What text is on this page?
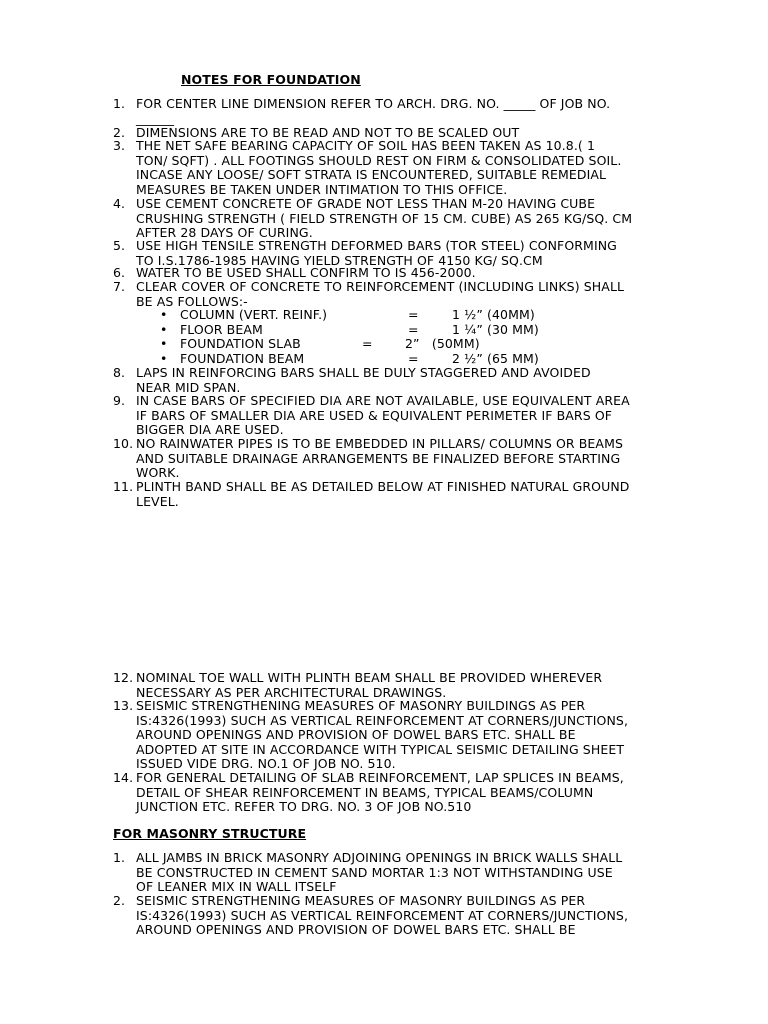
NOTES FOR FOUNDATION
1. FOR CENTER LINE DIMENSION REFER TO ARCH. DRG. NO. _____ OF JOB NO.
______
2. DIMENSIONS ARE TO BE READ AND NOT TO BE SCALED OUT
3. THE NET SAFE BEARING CAPACITY OF SOIL HAS BEEN TAKEN AS 10.8.( 1
TON/ SQFT) . ALL FOOTINGS SHOULD REST ON FIRM & CONSOLIDATED SOIL.
INCASE ANY LOOSE/ SOFT STRATA IS ENCOUNTERED, SUITABLE REMEDIAL
MEASURES BE TAKEN UNDER INTIMATION TO THIS OFFICE.
4. USE CEMENT CONCRETE OF GRADE NOT LESS THAN M-20 HAVING CUBE
CRUSHING STRENGTH ( FIELD STRENGTH OF 15 CM. CUBE) AS 265 KG/SQ. CM
AFTER 28 DAYS OF CURING.
5. USE HIGH TENSILE STRENGTH DEFORMED BARS (TOR STEEL) CONFORMING
TO I.S.1786-1985 HAVING YIELD STRENGTH OF 4150 KG/ SQ.CM
6. WATER TO BE USED SHALL CONFIRM TO IS 456-2000.
7. CLEAR COVER OF CONCRETE TO REINFORCEMENT (INCLUDING LINKS) SHALL
BE AS FOLLOWS:-
• COLUMN (VERT. REINF.)	=	1 ½” (40MM)
• FLOOR BEAM	=	1 ¼” (30 MM)
• FOUNDATION SLAB	=	2”   (50MM)
• FOUNDATION BEAM	=	2 ½” (65 MM)
8. LAPS IN REINFORCING BARS SHALL BE DULY STAGGERED AND AVOIDED
NEAR MID SPAN.
9. IN CASE BARS OF SPECIFIED DIA ARE NOT AVAILABLE, USE EQUIVALENT AREA
IF BARS OF SMALLER DIA ARE USED & EQUIVALENT PERIMETER IF BARS OF
BIGGER DIA ARE USED.
10. NO RAINWATER PIPES IS TO BE EMBEDDED IN PILLARS/ COLUMNS OR BEAMS
AND SUITABLE DRAINAGE ARRANGEMENTS BE FINALIZED BEFORE STARTING
WORK.
11. PLINTH BAND SHALL BE AS DETAILED BELOW AT FINISHED NATURAL GROUND
LEVEL.
12. NOMINAL TOE WALL WITH PLINTH BEAM SHALL BE PROVIDED WHEREVER
NECESSARY AS PER ARCHITECTURAL DRAWINGS.
13. SEISMIC STRENGTHENING MEASURES OF MASONRY BUILDINGS AS PER
IS:4326(1993) SUCH AS VERTICAL REINFORCEMENT AT CORNERS/JUNCTIONS,
AROUND OPENINGS AND PROVISION OF DOWEL BARS ETC. SHALL BE
ADOPTED AT SITE IN ACCORDANCE WITH TYPICAL SEISMIC DETAILING SHEET
ISSUED VIDE DRG. NO.1 OF JOB NO. 510.
14. FOR GENERAL DETAILING OF SLAB REINFORCEMENT, LAP SPLICES IN BEAMS,
DETAIL OF SHEAR REINFORCEMENT IN BEAMS, TYPICAL BEAMS/COLUMN
JUNCTION ETC. REFER TO DRG. NO. 3 OF JOB NO.510
FOR MASONRY STRUCTURE
1. ALL JAMBS IN BRICK MASONRY ADJOINING OPENINGS IN BRICK WALLS SHALL
BE CONSTRUCTED IN CEMENT SAND MORTAR 1:3 NOT WITHSTANDING USE
OF LEANER MIX IN WALL ITSELF
2. SEISMIC STRENGTHENING MEASURES OF MASONRY BUILDINGS AS PER
IS:4326(1993) SUCH AS VERTICAL REINFORCEMENT AT CORNERS/JUNCTIONS,
AROUND OPENINGS AND PROVISION OF DOWEL BARS ETC. SHALL BE
